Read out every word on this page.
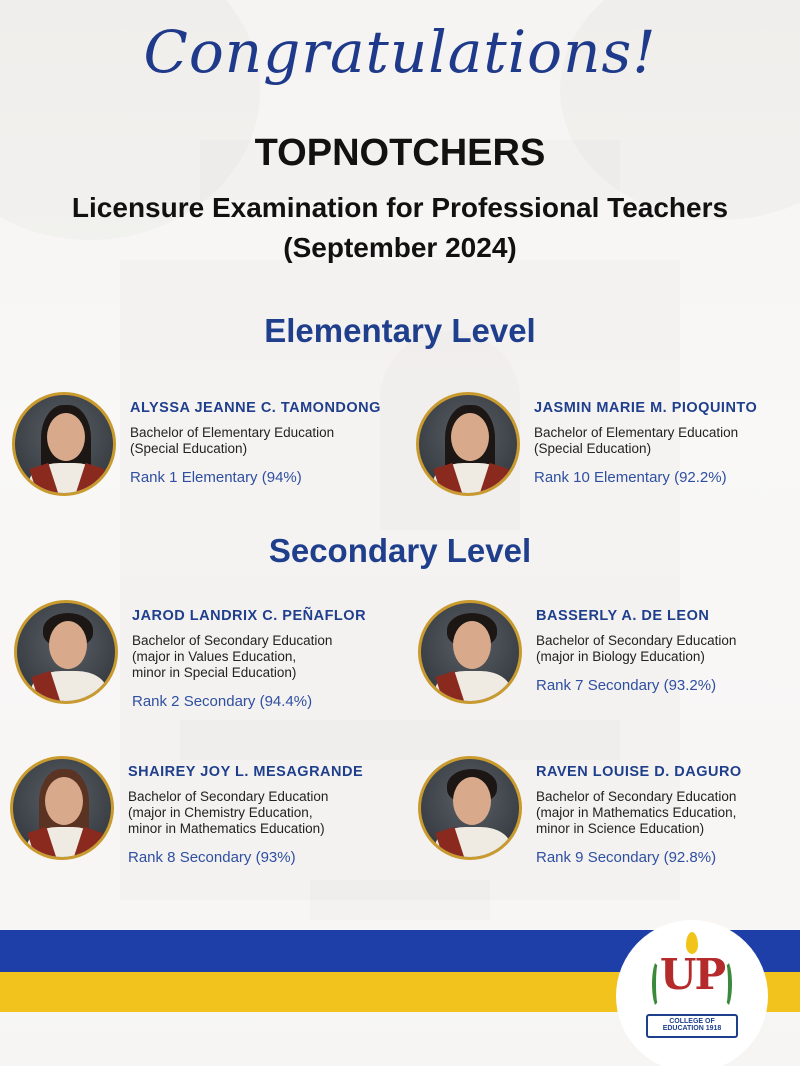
Congratulations!
TOPNOTCHERS
Licensure Examination for Professional Teachers
(September 2024)
Elementary Level
ALYSSA JEANNE C. TAMONDONG
Bachelor of Elementary Education
(Special Education)
Rank 1 Elementary (94%)
JASMIN MARIE M. PIOQUINTO
Bachelor of Elementary Education
(Special Education)
Rank 10 Elementary (92.2%)
Secondary Level
JAROD LANDRIX C. PEÑAFLOR
Bachelor of Secondary Education
(major in Values Education,
minor in Special Education)
Rank 2 Secondary (94.4%)
BASSERLY A. DE LEON
Bachelor of Secondary Education
(major in Biology Education)
Rank 7 Secondary (93.2%)
SHAIREY JOY L. MESAGRANDE
Bachelor of Secondary Education
(major in Chemistry Education,
minor in Mathematics Education)
Rank 8 Secondary (93%)
RAVEN LOUISE D. DAGURO
Bachelor of Secondary Education
(major in Mathematics Education,
minor in Science Education)
Rank 9 Secondary (92.8%)
UP
COLLEGE OF EDUCATION 1918
